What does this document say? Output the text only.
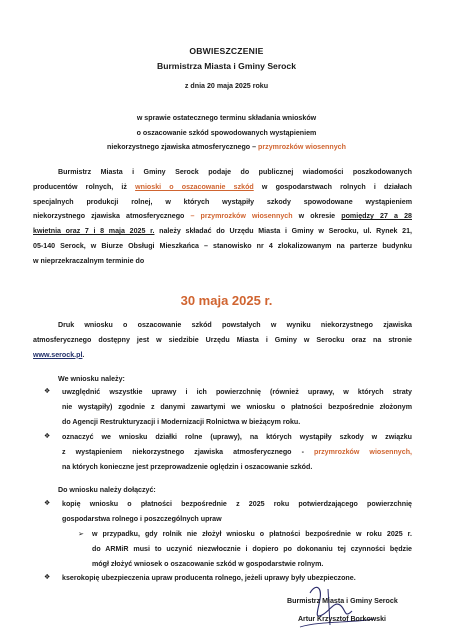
OBWIESZCZENIE
Burmistrza Miasta i Gminy Serock
z dnia 20 maja 2025 roku
w sprawie ostatecznego terminu składania wniosków
o oszacowanie szkód spowodowanych wystąpieniem
niekorzystnego zjawiska atmosferycznego – przymrozków wiosennych
Burmistrz Miasta i Gminy Serock podaje do publicznej wiadomości poszkodowanych
producentów rolnych, iż wnioski o oszacowanie szkód w gospodarstwach rolnych i działach
specjalnych produkcji rolnej, w których wystąpiły szkody spowodowane wystąpieniem
niekorzystnego zjawiska atmosferycznego – przymrozków wiosennych w okresie pomiędzy 27 a 28
kwietnia oraz 7 i 8 maja 2025 r. należy składać do Urzędu Miasta i Gminy w Serocku, ul. Rynek 21,
05-140 Serock, w Biurze Obsługi Mieszkańca – stanowisko nr 4 zlokalizowanym na parterze budynku
w nieprzekraczalnym terminie do
30 maja 2025 r.
Druk wniosku o oszacowanie szkód powstałych w wyniku niekorzystnego zjawiska
atmosferycznego dostępny jest w siedzibie Urzędu Miasta i Gminy w Serocku oraz na stronie
www.serock.pl.
We wniosku należy:
❖ uwzględnić wszystkie uprawy i ich powierzchnię (również uprawy, w których straty
nie wystąpiły) zgodnie z danymi zawartymi we wniosku o płatności bezpośrednie złożonym
do Agencji Restrukturyzacji i Modernizacji Rolnictwa w bieżącym roku.
❖ oznaczyć we wniosku działki rolne (uprawy), na których wystąpiły szkody w związku
z wystąpieniem niekorzystnego zjawiska atmosferycznego - przymrozków wiosennych,
na których konieczne jest przeprowadzenie oględzin i oszacowanie szkód.
Do wniosku należy dołączyć:
❖ kopię wniosku o płatności bezpośrednie z 2025 roku potwierdzającego powierzchnię
gospodarstwa rolnego i poszczególnych upraw
➢ w przypadku, gdy rolnik nie złożył wniosku o płatności bezpośrednie w roku 2025 r.
do ARMiR musi to uczynić niezwłocznie i dopiero po dokonaniu tej czynności będzie
mógł złożyć wniosek o oszacowanie szkód w gospodarstwie rolnym.
❖ kserokopię ubezpieczenia upraw producenta rolnego, jeżeli uprawy były ubezpieczone.
Burmistrz Miasta i Gminy Serock
Artur Krzysztof Borkowski
